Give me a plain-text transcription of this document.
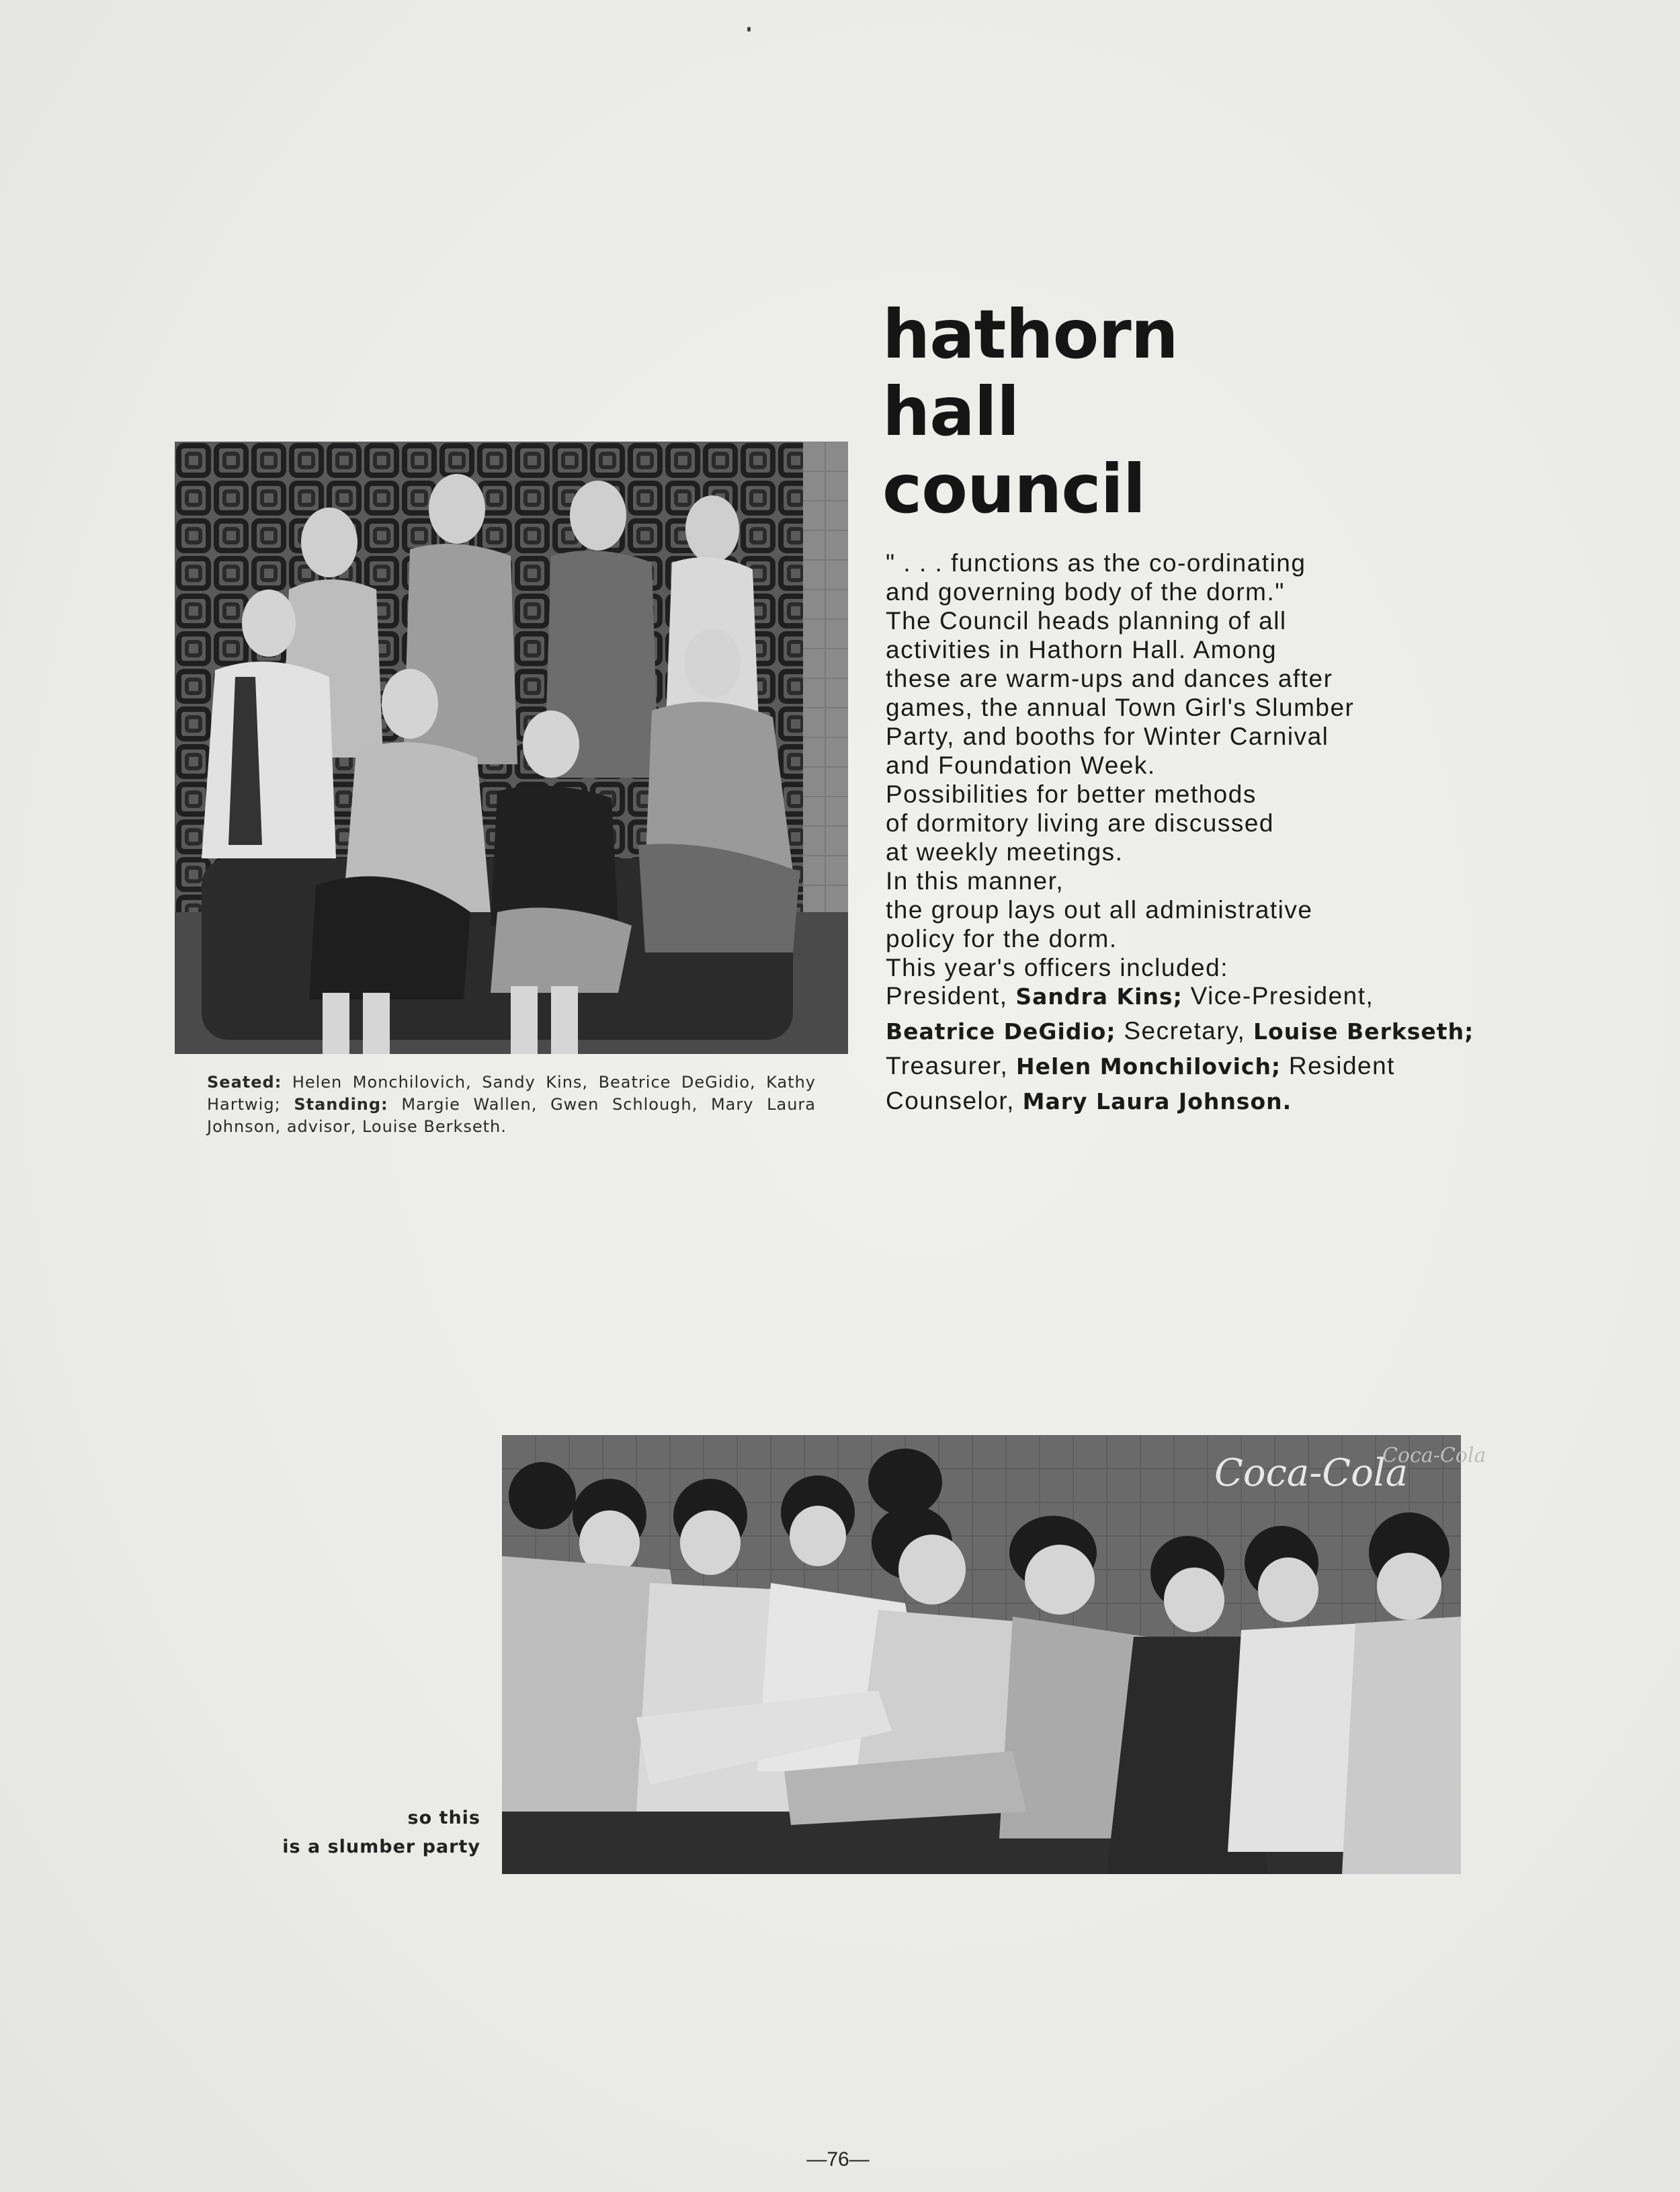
Seated: Helen Monchilovich, Sandy Kins, Beatrice DeGidio, Kathy Hartwig; Standing: Margie Wallen, Gwen Schlough, Mary Laura Johnson, advisor, Louise Berkseth.
hathorn
hall
council
" . . . functions as the co-ordinating
and governing body of the dorm."
The Council heads planning of all
activities in Hathorn Hall. Among
these are warm-ups and dances after
games, the annual Town Girl's Slumber
Party, and booths for Winter Carnival
and Foundation Week.
Possibilities for better methods
of dormitory living are discussed
at weekly meetings.
In this manner,
the group lays out all administrative
policy for the dorm.
This year's officers included:
President, Sandra Kins; Vice-President, Beatrice DeGidio; Secretary, Louise Berkseth; Treasurer, Helen Monchilovich; Resident Counselor, Mary Laura Johnson.
Coca-Cola
Coca-Cola
so this
is a slumber party
—76—
